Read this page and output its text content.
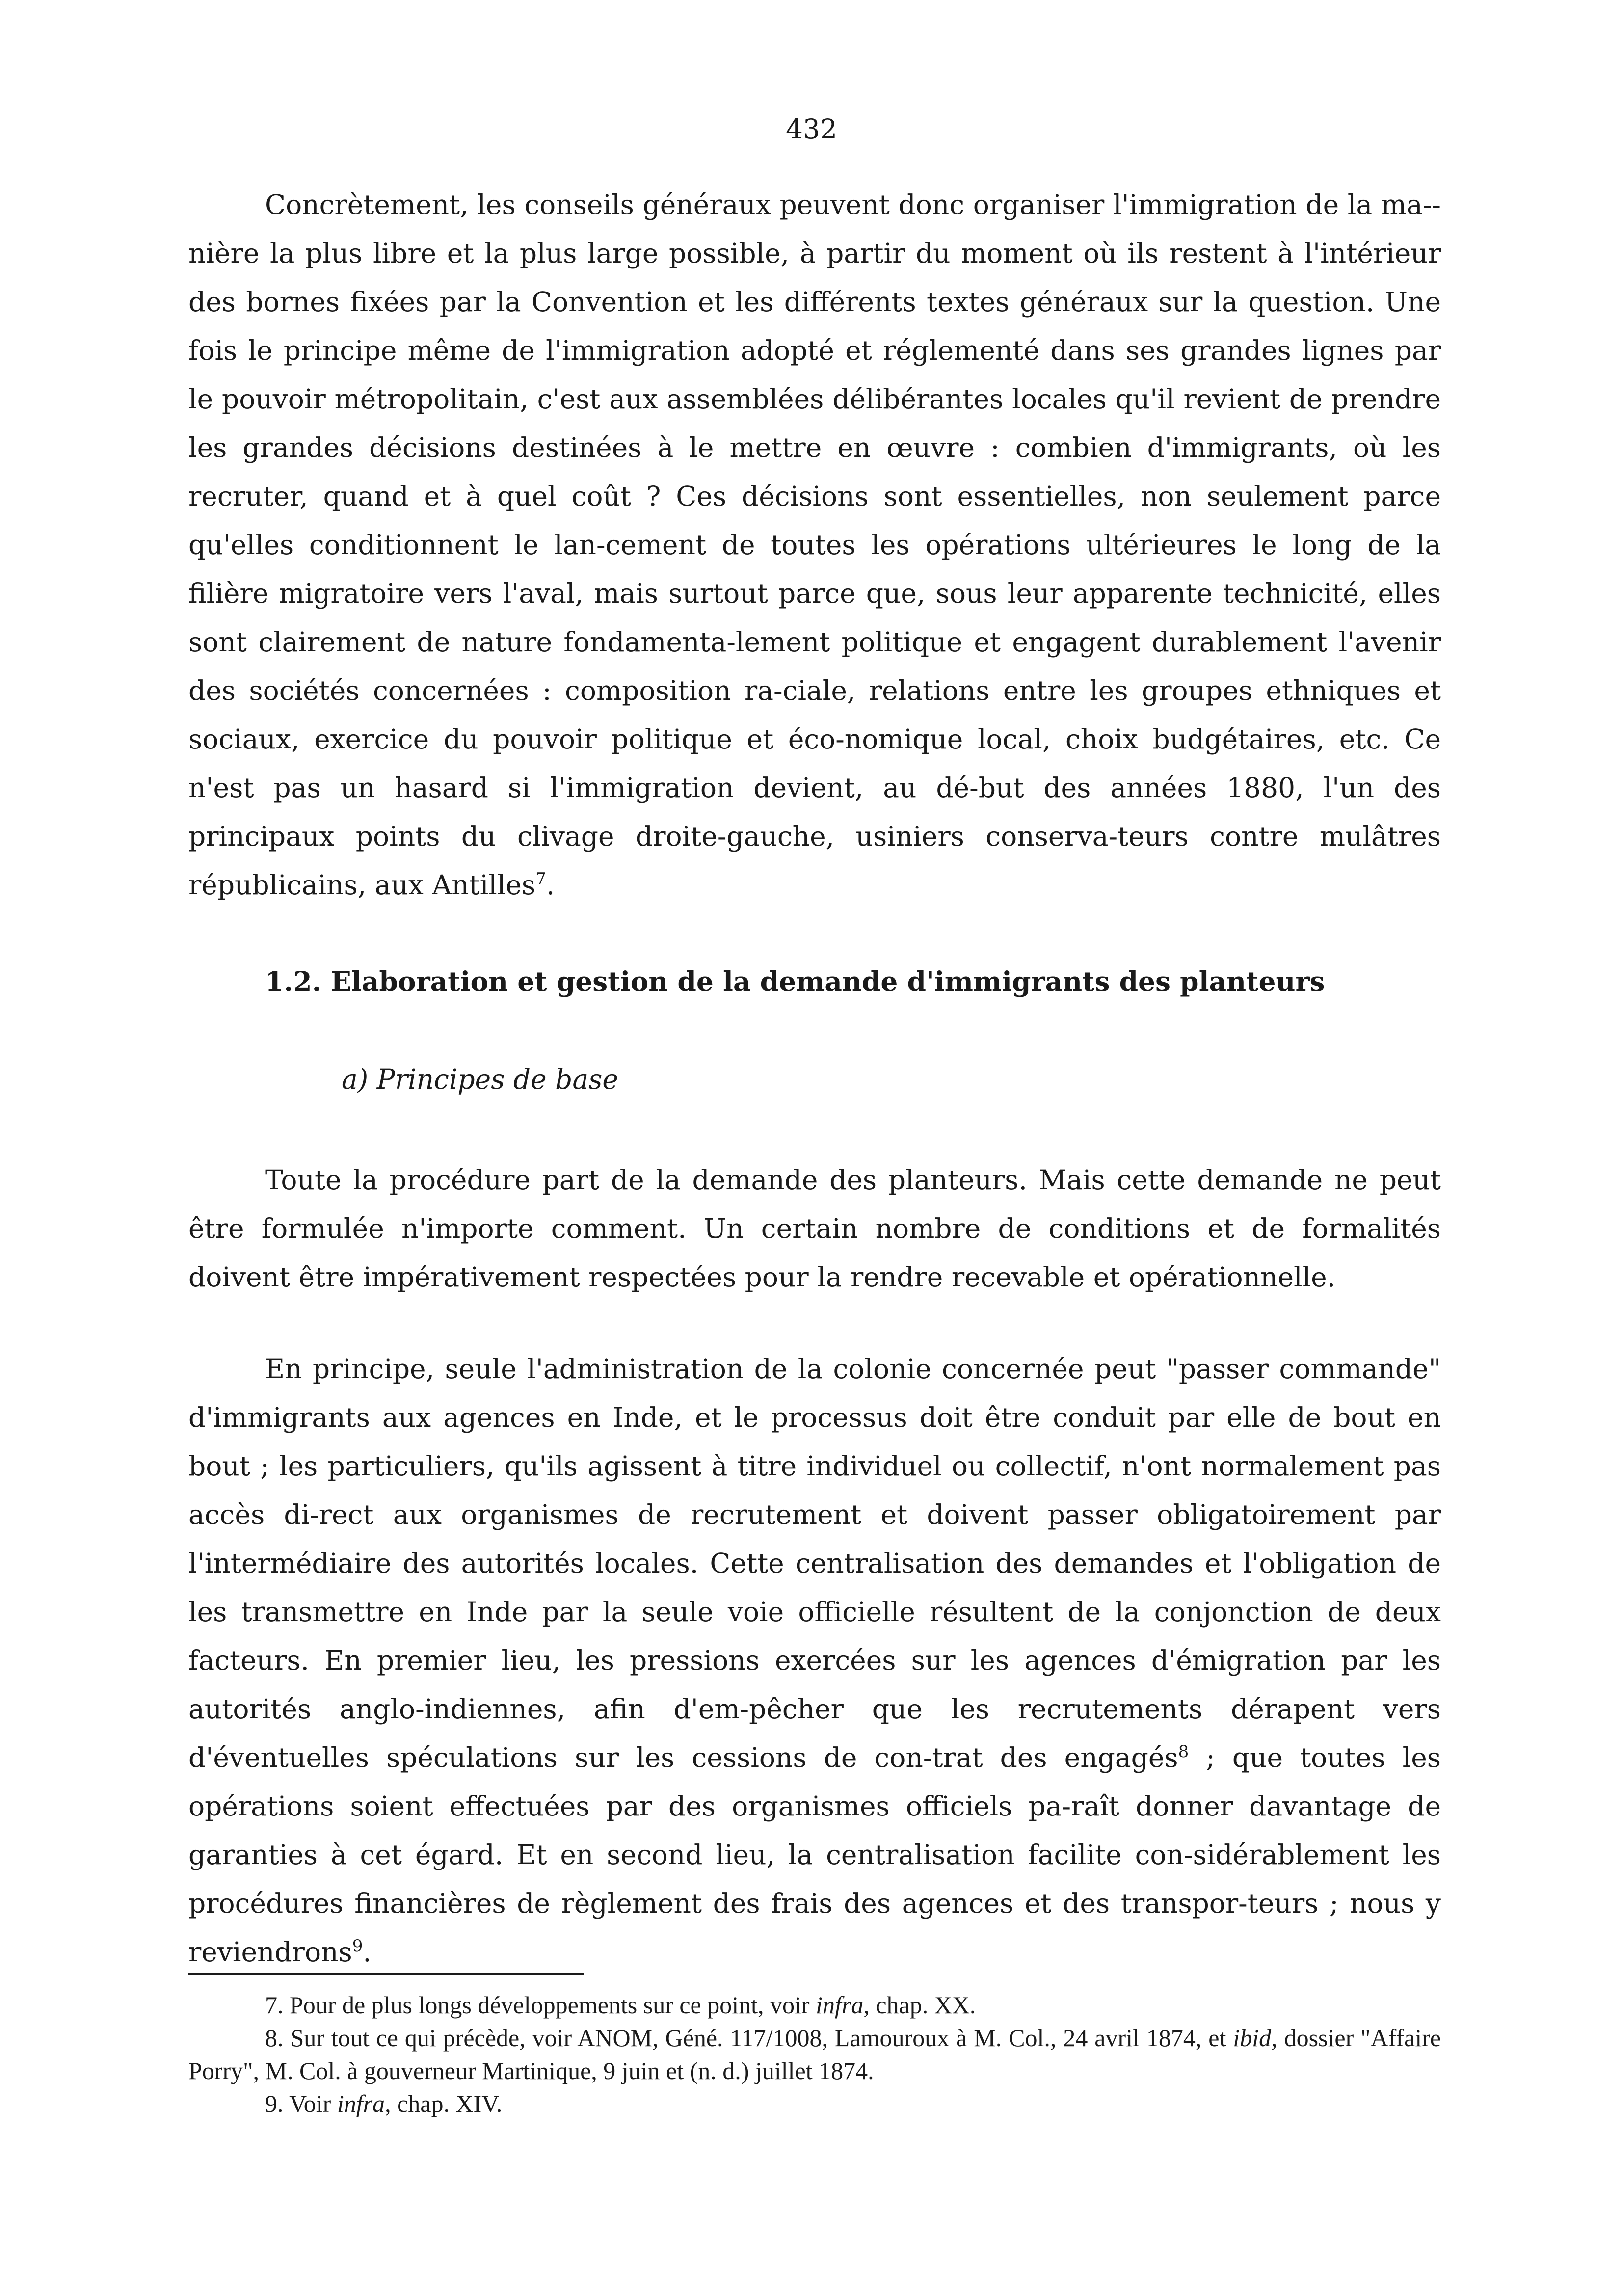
432

Concrètement, les conseils généraux peuvent donc organiser l'immigration de la ma-nière la plus libre et la plus large possible, à partir du moment où ils restent à l'intérieur des bornes fixées par la Convention et les différents textes généraux sur la question. Une fois le principe même de l'immigration adopté et réglementé dans ses grandes lignes par le pouvoir métropolitain, c'est aux assemblées délibérantes locales qu'il revient de prendre les grandes décisions destinées à le mettre en œuvre : combien d'immigrants, où les recruter, quand et à quel coût ? Ces décisions sont essentielles, non seulement parce qu'elles conditionnent le lan-cement de toutes les opérations ultérieures le long de la filière migratoire vers l'aval, mais surtout parce que, sous leur apparente technicité, elles sont clairement de nature fondamenta-lement politique et engagent durablement l'avenir des sociétés concernées : composition ra-ciale, relations entre les groupes ethniques et sociaux, exercice du pouvoir politique et éco-nomique local, choix budgétaires, etc. Ce n'est pas un hasard si l'immigration devient, au dé-but des années 1880, l'un des principaux points du clivage droite-gauche, usiniers conserva-teurs contre mulâtres républicains, aux Antilles$^7$.

1.2. Elaboration et gestion de la demande d'immigrants des planteurs
a) Principes de base

Toute la procédure part de la demande des planteurs. Mais cette demande ne peut être formulée n'importe comment. Un certain nombre de conditions et de formalités doivent être impérativement respectées pour la rendre recevable et opérationnelle.

En principe, seule l'administration de la colonie concernée peut "passer commande" d'immigrants aux agences en Inde, et le processus doit être conduit par elle de bout en bout ; les particuliers, qu'ils agissent à titre individuel ou collectif, n'ont normalement pas accès di-rect aux organismes de recrutement et doivent passer obligatoirement par l'intermédiaire des autorités locales. Cette centralisation des demandes et l'obligation de les transmettre en Inde par la seule voie officielle résultent de la conjonction de deux facteurs. En premier lieu, les pressions exercées sur les agences d'émigration par les autorités anglo-indiennes, afin d'em-pêcher que les recrutements dérapent vers d'éventuelles spéculations sur les cessions de con-trat des engagés$^8$ ; que toutes les opérations soient effectuées par des organismes officiels pa-raît donner davantage de garanties à cet égard. Et en second lieu, la centralisation facilite con-sidérablement les procédures financières de règlement des frais des agences et des transpor-teurs ; nous y reviendrons$^9$.

7. Pour de plus longs développements sur ce point, voir infra, chap. XX.

8. Sur tout ce qui précède, voir ANOM, Géné. 117/1008, Lamouroux à M. Col., 24 avril 1874, et ibid, dossier "Affaire Porry", M. Col. à gouverneur Martinique, 9 juin et (n. d.) juillet 1874.

9. Voir infra, chap. XIV.
